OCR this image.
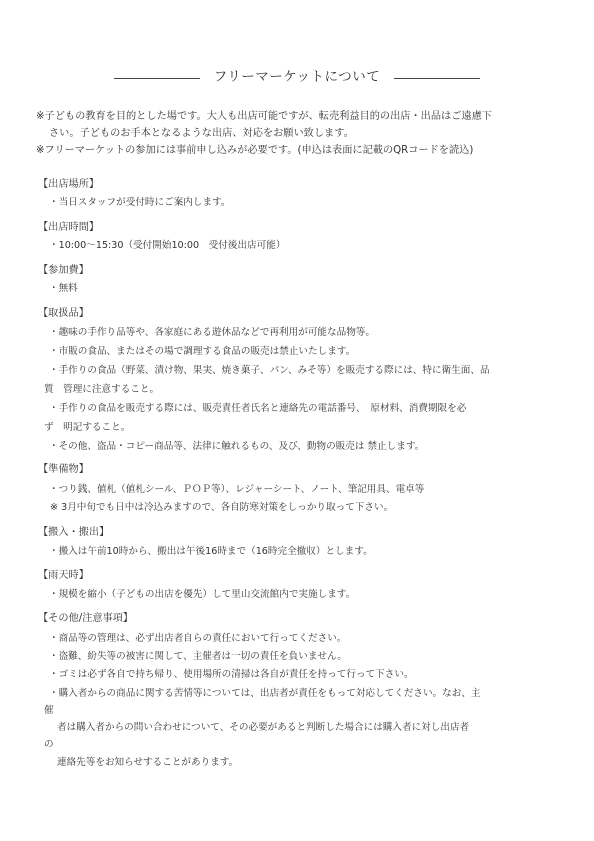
フリーマーケットについて
※子どもの教育を目的とした場です。大人も出店可能ですが、転売利益目的の出店・出品はご遠慮下
さい。子どものお手本となるような出店、対応をお願い致します。
※フリーマーケットの参加には事前申し込みが必要です。(申込は表面に記載のQRコードを読込)
【出店場所】
・当日スタッフが受付時にご案内します。
【出店時間】
・10:00〜15:30（受付開始10:00　受付後出店可能）
【参加費】
・無料
【取扱品】
・趣味の手作り品等や、各家庭にある遊休品などで再利用が可能な品物等。
・市販の食品、またはその場で調理する食品の販売は禁止いたします。
・手作りの食品（野菜、漬け物、果実、焼き菓子、パン、みそ等）を販売する際には、特に衛生面、品
質　管理に注意すること。
・手作りの食品を販売する際には、販売責任者氏名と連絡先の電話番号、　原材料、消費期限を必
ず　明記すること。
・その他、盗品・コピー商品等、法律に触れるもの、及び、動物の販売は 禁止します。
【準備物】
・つり銭、値札（値札シール、ＰＯＰ等）、レジャーシート、ノート、筆記用具、電卓等
※ 3月中旬でも日中は冷込みますので、各自防寒対策をしっかり取って下さい。
【搬入・搬出】
・搬入は午前10時から、搬出は午後16時まで（16時完全撤収）とします。
【雨天時】
・規模を縮小（子どもの出店を優先）して里山交流館内で実施します。
【その他/注意事項】
・商品等の管理は、必ず出店者自らの責任において行ってください。
・盗難、紛失等の被害に関して、主催者は一切の責任を負いません。
・ゴミは必ず各自で持ち帰り、使用場所の清掃は各自が責任を持って行って下さい。
・購入者からの商品に関する苦情等については、出店者が責任をもって対応してください。なお、主
催
者は購入者からの問い合わせについて、その必要があると判断した場合には購入者に対し出店者
の
連絡先等をお知らせすることがあります。
